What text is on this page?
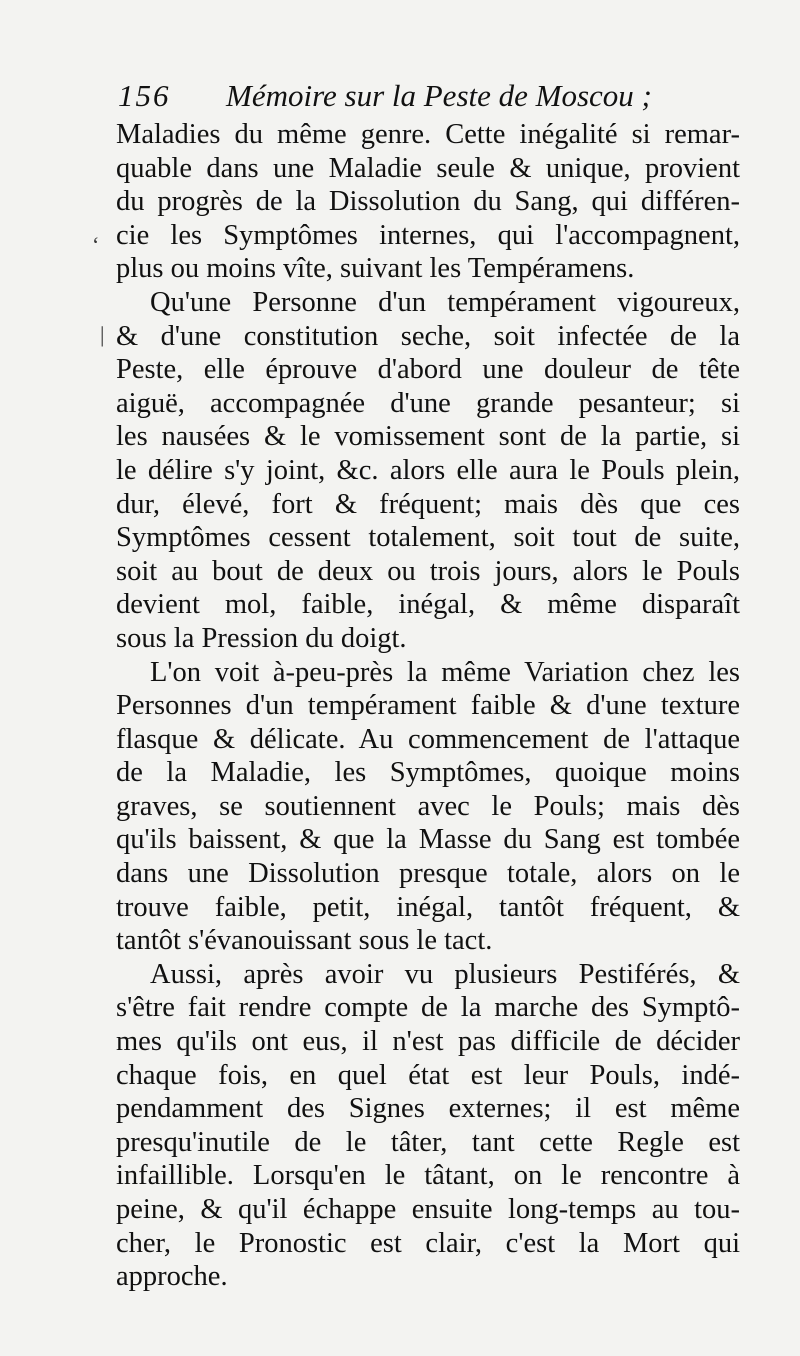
156 Mémoire sur la Peste de Moscou ;
‘
|
Maladies du même genre. Cette inégalité si remar-
quable dans une Maladie seule & unique, provient
du progrès de la Dissolution du Sang, qui différen-
cie les Symptômes internes, qui l'accompagnent,
plus ou moins vîte, suivant les Tempéramens.
Qu'une Personne d'un tempérament vigoureux,
& d'une constitution seche, soit infectée de la
Peste, elle éprouve d'abord une douleur de tête
aiguë, accompagnée d'une grande pesanteur; si
les nausées & le vomissement sont de la partie, si
le délire s'y joint, &c. alors elle aura le Pouls plein,
dur, élevé, fort & fréquent; mais dès que ces
Symptômes cessent totalement, soit tout de suite,
soit au bout de deux ou trois jours, alors le Pouls
devient mol, faible, inégal, & même disparaît
sous la Pression du doigt.
L'on voit à-peu-près la même Variation chez les
Personnes d'un tempérament faible & d'une texture
flasque & délicate. Au commencement de l'attaque
de la Maladie, les Symptômes, quoique moins
graves, se soutiennent avec le Pouls; mais dès
qu'ils baissent, & que la Masse du Sang est tombée
dans une Dissolution presque totale, alors on le
trouve faible, petit, inégal, tantôt fréquent, &
tantôt s'évanouissant sous le tact.
Aussi, après avoir vu plusieurs Pestiférés, &
s'être fait rendre compte de la marche des Symptô-
mes qu'ils ont eus, il n'est pas difficile de décider
chaque fois, en quel état est leur Pouls, indé-
pendamment des Signes externes; il est même
presqu'inutile de le tâter, tant cette Regle est
infaillible. Lorsqu'en le tâtant, on le rencontre à
peine, & qu'il échappe ensuite long-temps au tou-
cher, le Pronostic est clair, c'est la Mort qui
approche.
